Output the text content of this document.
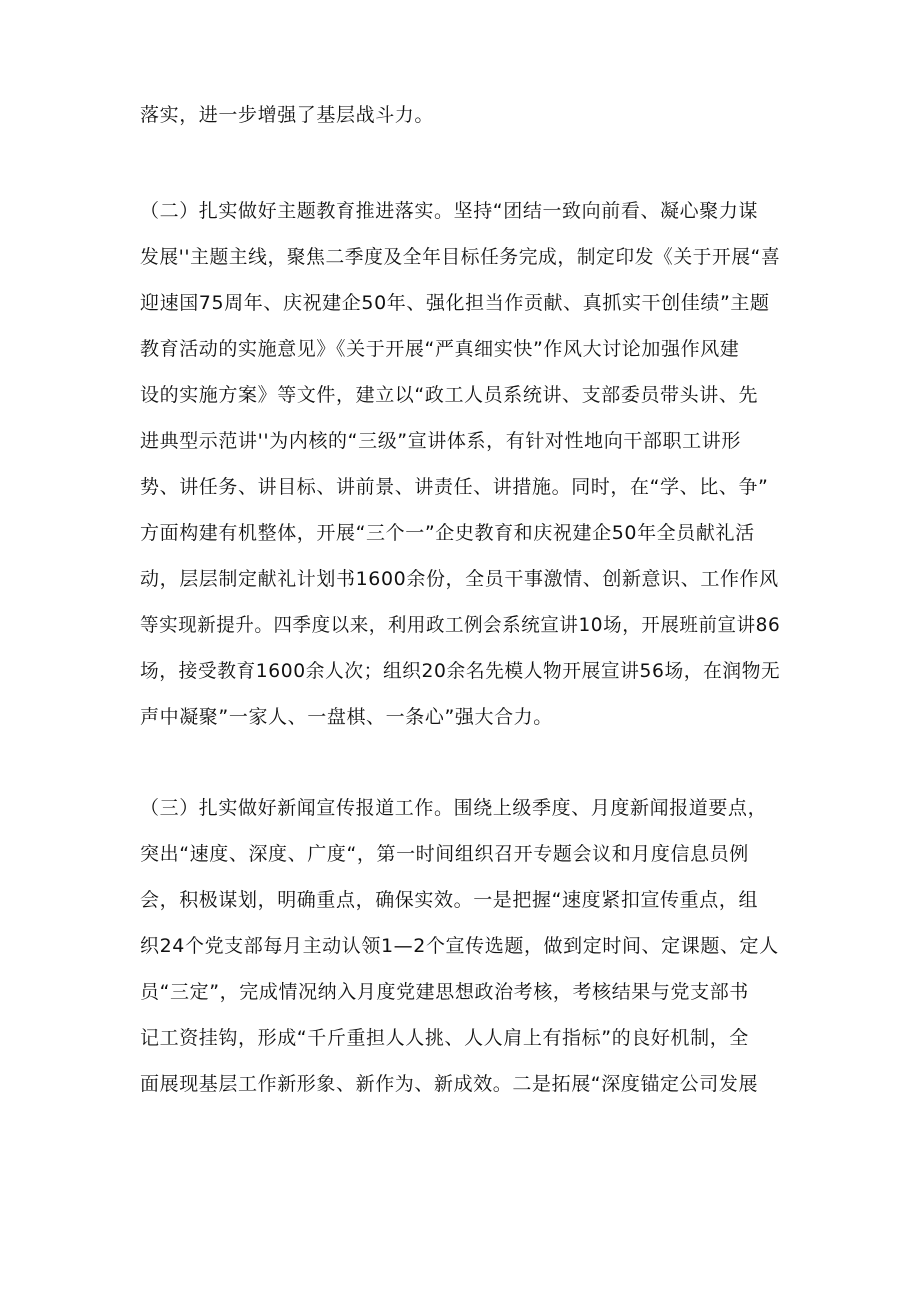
落实，进一步增强了基层战斗力。
（二）扎实做好主题教育推进落实。坚持“团结一致向前看、凝心聚力谋
发展''主题主线，聚焦二季度及全年目标任务完成，制定印发《关于开展“喜
迎速国75周年、庆祝建企50年、强化担当作贡献、真抓实干创佳绩”主题
教育活动的实施意见》《关于开展“严真细实快”作风大讨论加强作风建
设的实施方案》等文件，建立以“政工人员系统讲、支部委员带头讲、先
进典型示范讲''为内核的“三级”宣讲体系，有针对性地向干部职工讲形
势、讲任务、讲目标、讲前景、讲责任、讲措施。同时，在“学、比、争”
方面构建有机整体，开展“三个一”企史教育和庆祝建企50年全员献礼活
动，层层制定献礼计划书1600余份，全员干事激情、创新意识、工作作风
等实现新提升。四季度以来，利用政工例会系统宣讲10场，开展班前宣讲86
场，接受教育1600余人次；组织20余名先模人物开展宣讲56场，在润物无
声中凝聚”一家人、一盘棋、一条心”强大合力。
（三）扎实做好新闻宣传报道工作。围绕上级季度、月度新闻报道要点，
突出“速度、深度、广度“，第一时间组织召开专题会议和月度信息员例
会，积极谋划，明确重点，确保实效。一是把握“速度紧扣宣传重点，组
织24个党支部每月主动认领1—2个宣传选题，做到定时间、定课题、定人
员“三定”，完成情况纳入月度党建思想政治考核，考核结果与党支部书
记工资挂钩，形成“千斤重担人人挑、人人肩上有指标”的良好机制，全
面展现基层工作新形象、新作为、新成效。二是拓展“深度锚定公司发展
